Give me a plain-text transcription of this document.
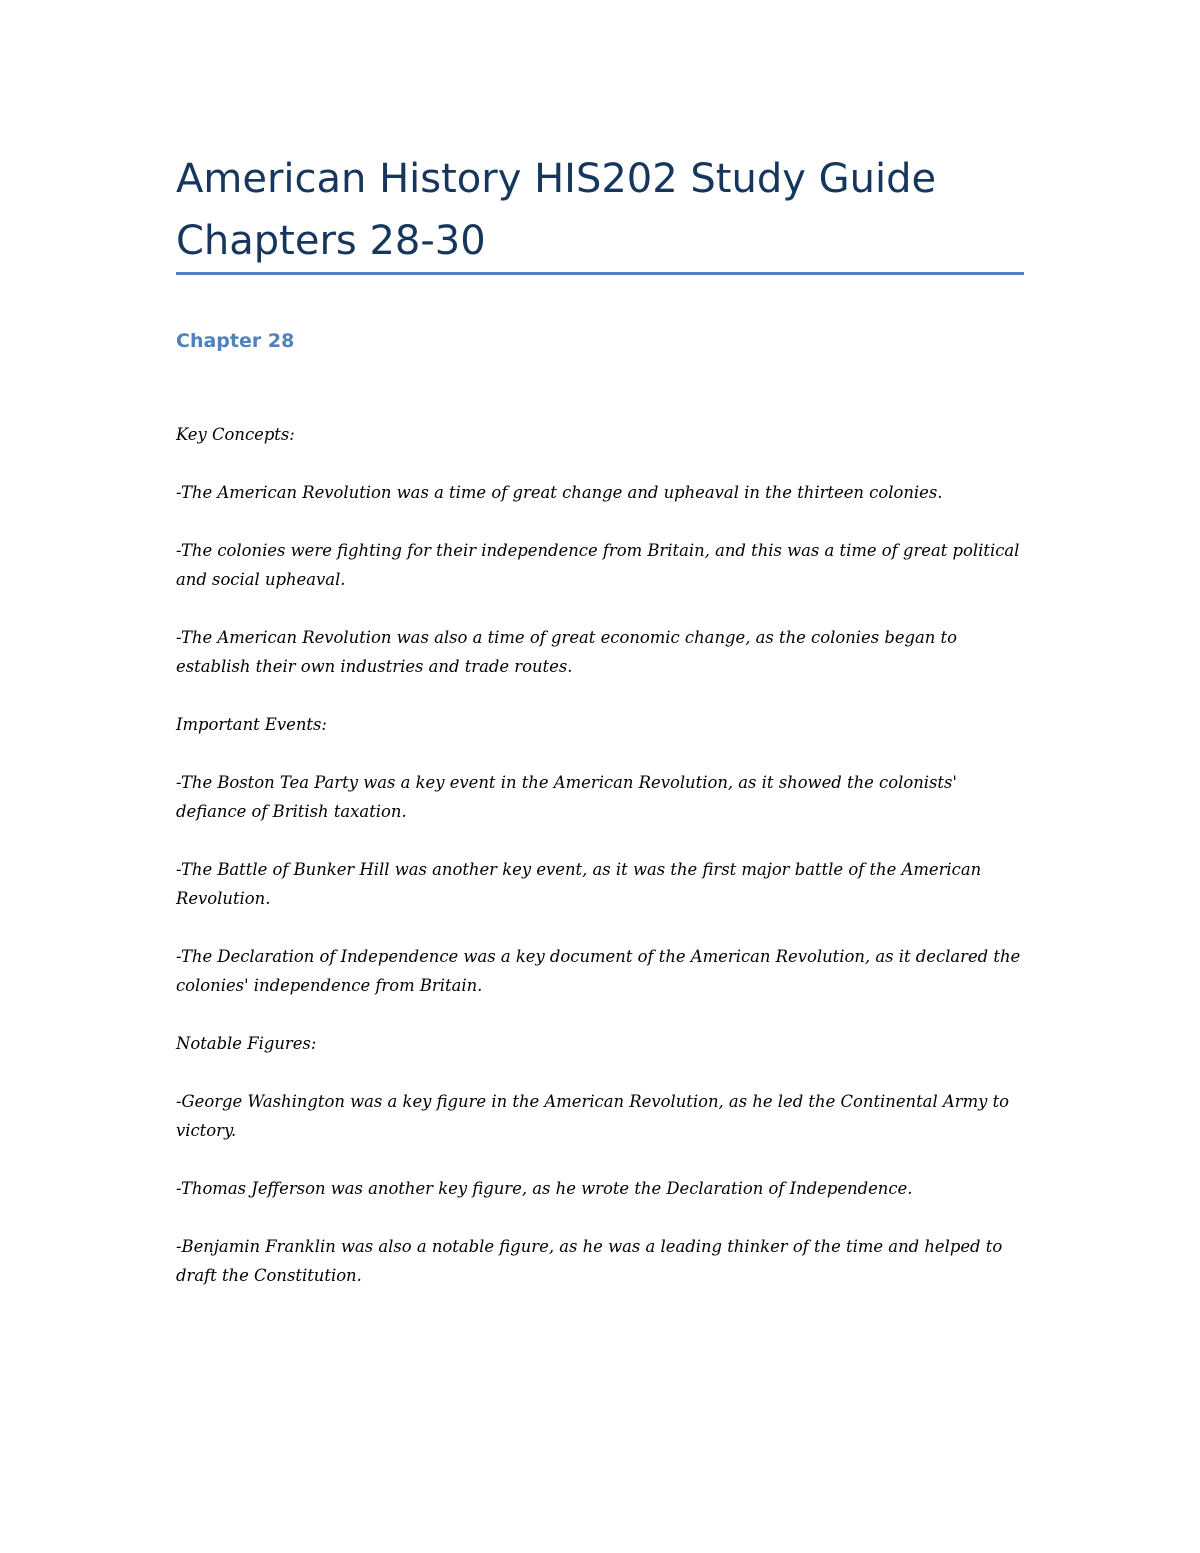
American History HIS202 Study Guide
Chapters 28-30
Chapter 28

Key Concepts:

-The American Revolution was a time of great change and upheaval in the thirteen colonies.

-The colonies were fighting for their independence from Britain, and this was a time of great political and social upheaval.

-The American Revolution was also a time of great economic change, as the colonies began to establish their own industries and trade routes.

Important Events:

-The Boston Tea Party was a key event in the American Revolution, as it showed the colonists' defiance of British taxation.

-The Battle of Bunker Hill was another key event, as it was the first major battle of the American Revolution.

-The Declaration of Independence was a key document of the American Revolution, as it declared the colonies' independence from Britain.

Notable Figures:

-George Washington was a key figure in the American Revolution, as he led the Continental Army to victory.

-Thomas Jefferson was another key figure, as he wrote the Declaration of Independence.

-Benjamin Franklin was also a notable figure, as he was a leading thinker of the time and helped to draft the Constitution.
